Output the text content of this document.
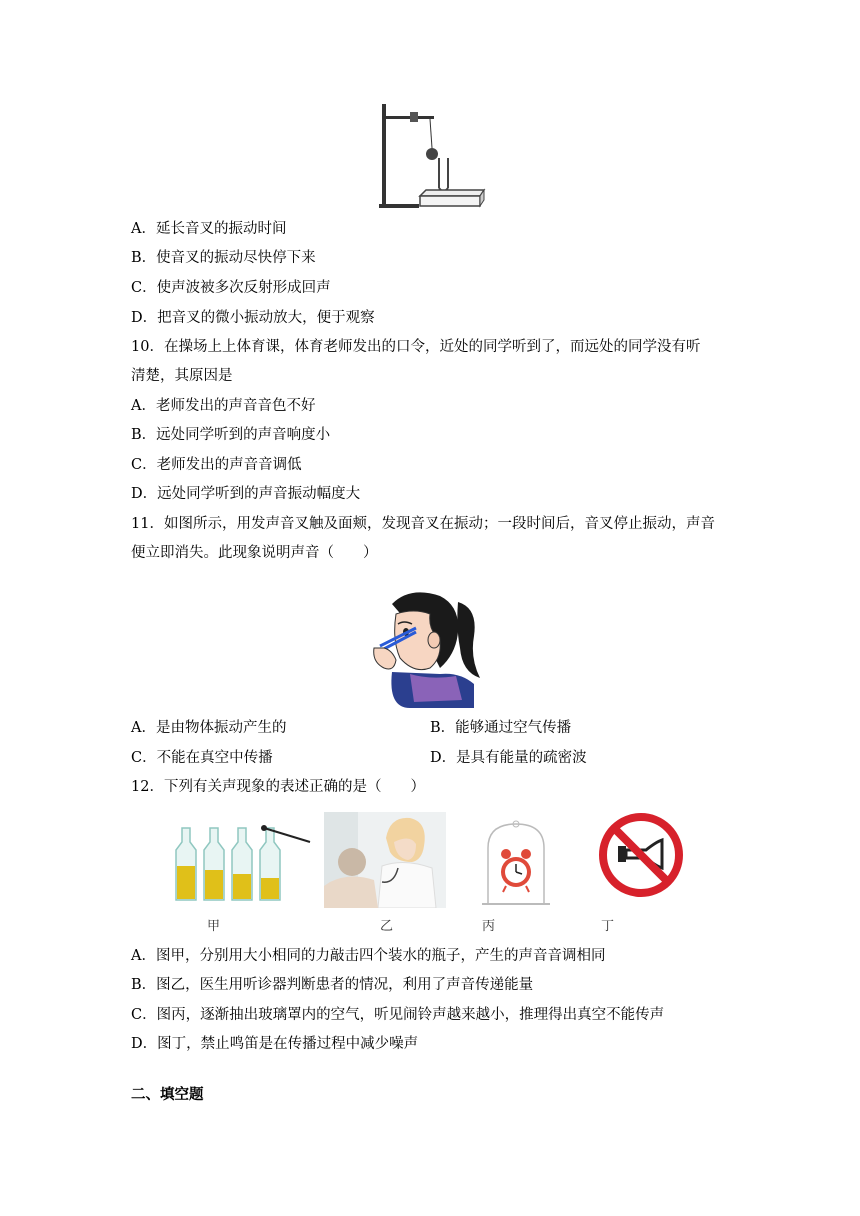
A．延长音叉的振动时间
B．使音叉的振动尽快停下来
C．使声波被多次反射形成回声
D．把音叉的微小振动放大，便于观察
10．在操场上上体育课，体育老师发出的口令，近处的同学听到了，而远处的同学没有听
清楚，其原因是
A．老师发出的声音音色不好
B．远处同学听到的声音响度小
C．老师发出的声音音调低
D．远处同学听到的声音振动幅度大
11．如图所示，用发声音叉触及面颊，发现音叉在振动；一段时间后，音叉停止振动，声音
便立即消失。此现象说明声音（　　）
A．是由物体振动产生的	B．能够通过空气传播
C．不能在真空中传播	D．是具有能量的疏密波
12．下列有关声现象的表述正确的是（　　）
甲	乙	丙	丁
A．图甲，分别用大小相同的力敲击四个装水的瓶子，产生的声音音调相同
B．图乙，医生用听诊器判断患者的情况，利用了声音传递能量
C．图丙，逐渐抽出玻璃罩内的空气，听见闹铃声越来越小，推理得出真空不能传声
D．图丁，禁止鸣笛是在传播过程中减少噪声
二、填空题
